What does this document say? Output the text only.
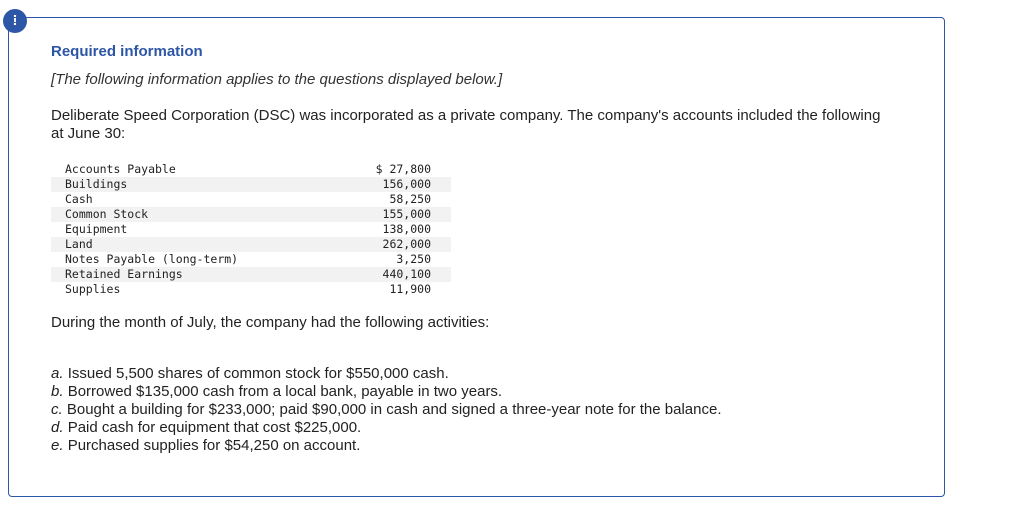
!
Required information
[The following information applies to the questions displayed below.]
Deliberate Speed Corporation (DSC) was incorporated as a private company. The company's accounts included the following at June 30:
Accounts Payable	$ 27,800
Buildings	156,000
Cash	58,250
Common Stock	155,000
Equipment	138,000
Land	262,000
Notes Payable (long-term)	3,250
Retained Earnings	440,100
Supplies	11,900
During the month of July, the company had the following activities:
a. Issued 5,500 shares of common stock for $550,000 cash.
b. Borrowed $135,000 cash from a local bank, payable in two years.
c. Bought a building for $233,000; paid $90,000 in cash and signed a three-year note for the balance.
d. Paid cash for equipment that cost $225,000.
e. Purchased supplies for $54,250 on account.
